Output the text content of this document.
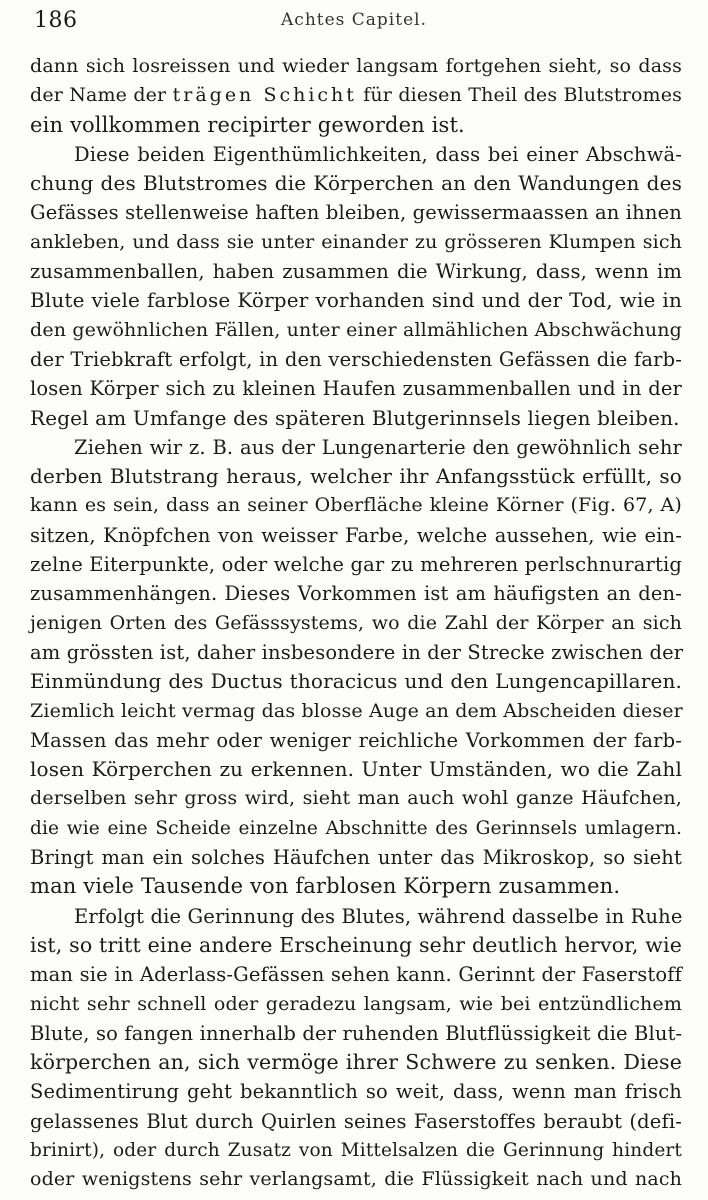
186	Achtes Capitel.
dann sich losreissen und wieder langsam fortgehen sieht, so dass
der Name der trägen Schicht für diesen Theil des Blutstromes
ein vollkommen recipirter geworden ist.
Diese beiden Eigenthümlichkeiten, dass bei einer Abschwä-
chung des Blutstromes die Körperchen an den Wandungen des
Gefässes stellenweise haften bleiben, gewissermaassen an ihnen
ankleben, und dass sie unter einander zu grösseren Klumpen sich
zusammenballen, haben zusammen die Wirkung, dass, wenn im
Blute viele farblose Körper vorhanden sind und der Tod, wie in
den gewöhnlichen Fällen, unter einer allmählichen Abschwächung
der Triebkraft erfolgt, in den verschiedensten Gefässen die farb-
losen Körper sich zu kleinen Haufen zusammenballen und in der
Regel am Umfange des späteren Blutgerinnsels liegen bleiben.
Ziehen wir z. B. aus der Lungenarterie den gewöhnlich sehr
derben Blutstrang heraus, welcher ihr Anfangsstück erfüllt, so
kann es sein, dass an seiner Oberfläche kleine Körner (Fig. 67, A)
sitzen, Knöpfchen von weisser Farbe, welche aussehen, wie ein-
zelne Eiterpunkte, oder welche gar zu mehreren perlschnurartig
zusammenhängen. Dieses Vorkommen ist am häufigsten an den-
jenigen Orten des Gefässsystems, wo die Zahl der Körper an sich
am grössten ist, daher insbesondere in der Strecke zwischen der
Einmündung des Ductus thoracicus und den Lungencapillaren.
Ziemlich leicht vermag das blosse Auge an dem Abscheiden dieser
Massen das mehr oder weniger reichliche Vorkommen der farb-
losen Körperchen zu erkennen. Unter Umständen, wo die Zahl
derselben sehr gross wird, sieht man auch wohl ganze Häufchen,
die wie eine Scheide einzelne Abschnitte des Gerinnsels umlagern.
Bringt man ein solches Häufchen unter das Mikroskop, so sieht
man viele Tausende von farblosen Körpern zusammen.
Erfolgt die Gerinnung des Blutes, während dasselbe in Ruhe
ist, so tritt eine andere Erscheinung sehr deutlich hervor, wie
man sie in Aderlass-Gefässen sehen kann. Gerinnt der Faserstoff
nicht sehr schnell oder geradezu langsam, wie bei entzündlichem
Blute, so fangen innerhalb der ruhenden Blutflüssigkeit die Blut-
körperchen an, sich vermöge ihrer Schwere zu senken. Diese
Sedimentirung geht bekanntlich so weit, dass, wenn man frisch
gelassenes Blut durch Quirlen seines Faserstoffes beraubt (defi-
brinirt), oder durch Zusatz von Mittelsalzen die Gerinnung hindert
oder wenigstens sehr verlangsamt, die Flüssigkeit nach und nach
